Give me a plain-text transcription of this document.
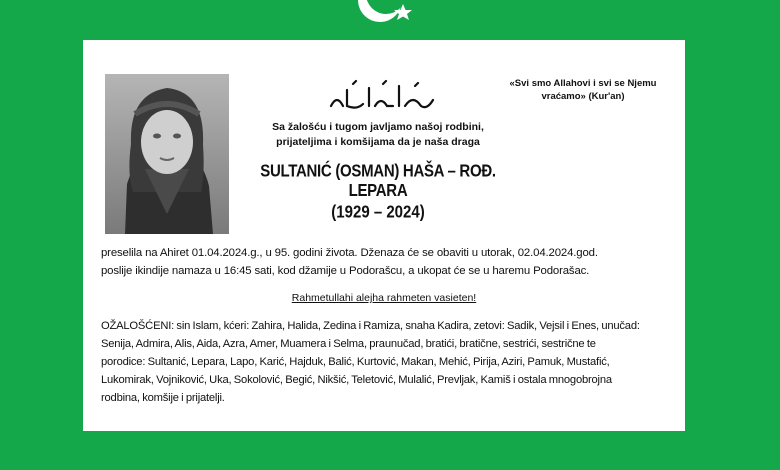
«Svi smo Allahovi i svi se Njemu vraćamo» (Kur'an)
Sa žalošću i tugom javljamo našoj rodbini,
prijateljima i komšijama da je naša draga
SULTANIĆ (OSMAN) HAŠA – ROĐ. LEPARA
(1929 – 2024)
preselila na Ahiret 01.04.2024.g., u 95. godini života. Dženaza će se obaviti u utorak, 02.04.2024.god.
poslije ikindije namaza u 16:45 sati, kod džamije u Podorašcu, a ukopat će se u haremu Podorašac.
Rahmetullahi alejha rahmeten vasieten!
OŽALOŠĆENI: sin Islam, kćeri: Zahira, Halida, Zedina i Ramiza, snaha Kadira, zetovi: Sadik, Vejsil i Enes, unučad:
Senija, Admira, Alis, Aida, Azra, Amer, Muamera i Selma, praunučad, bratići, bratične, sestrići, sestrične te
porodice: Sultanić, Lepara, Lapo, Karić, Hajduk, Balić, Kurtović, Makan, Mehić, Pirija, Aziri, Pamuk, Mustafić,
Lukomirak, Vojniković, Uka, Sokolović, Begić, Nikšić, Teletović, Mulalić, Prevljak, Kamiš i ostala mnogobrojna
rodbina, komšije i prijatelji.
